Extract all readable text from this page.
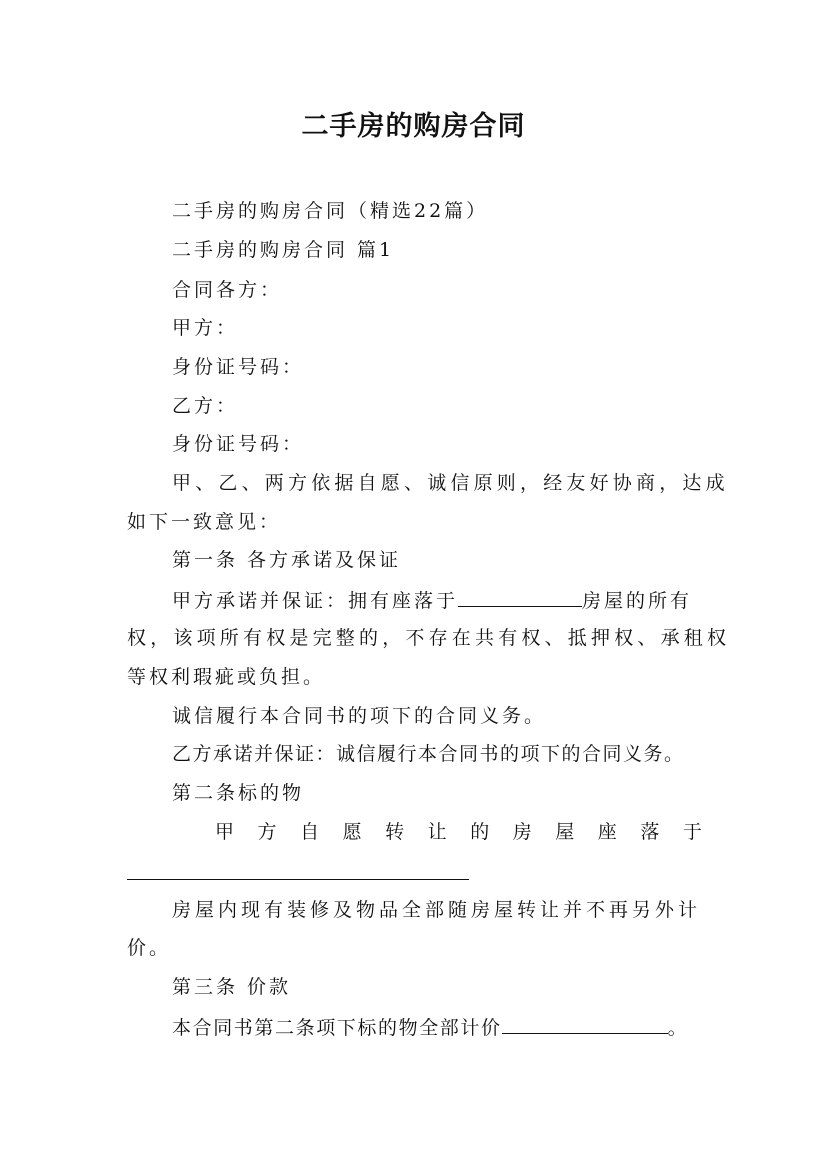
二手房的购房合同
二手房的购房合同（精选22篇）
二手房的购房合同 篇1
合同各方：
甲方：
身份证号码：
乙方：
身份证号码：
甲、乙、两方依据自愿、诚信原则，经友好协商，达成
如下一致意见：
第一条 各方承诺及保证
甲方承诺并保证：拥有座落于	房屋的所有
权，该项所有权是完整的，不存在共有权、抵押权、承租权
等权利瑕疵或负担。
诚信履行本合同书的项下的合同义务。
乙方承诺并保证：诚信履行本合同书的项下的合同义务。
第二条标的物
甲 方 自 愿 转 让 的 房 屋 座 落 于
房屋内现有装修及物品全部随房屋转让并不再另外计
价。
第三条 价款
本合同书第二条项下标的物全部计价	。
